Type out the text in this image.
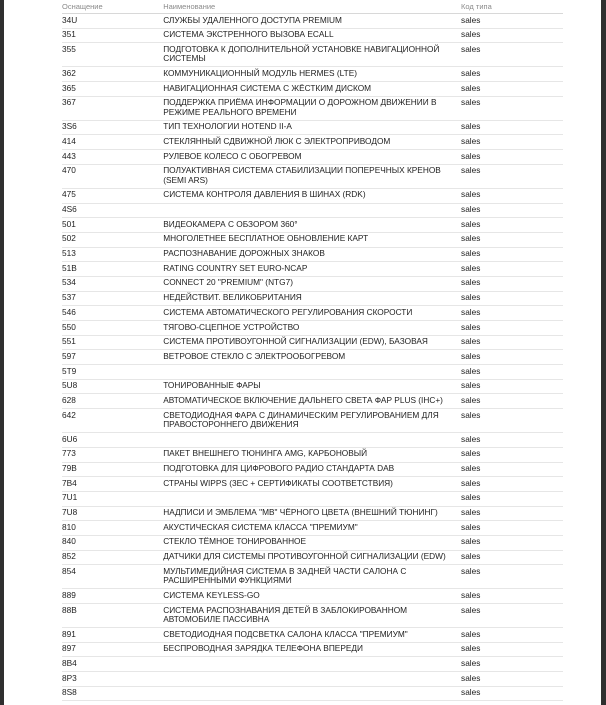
Оснащение	Наименование	Код типа
34U	СЛУЖБЫ УДАЛЕННОГО ДОСТУПА PREMIUM	sales
351	СИСТЕМА ЭКСТРЕННОГО ВЫЗОВА ECALL	sales
355	ПОДГОТОВКА К ДОПОЛНИТЕЛЬНОЙ УСТАНОВКЕ НАВИГАЦИОННОЙ СИСТЕМЫ	sales
362	КОММУНИКАЦИОННЫЙ МОДУЛЬ HERMES (LTE)	sales
365	НАВИГАЦИОННАЯ СИСТЕМА С ЖЁСТКИМ ДИСКОМ	sales
367	ПОДДЕРЖКА ПРИЁМА ИНФОРМАЦИИ О ДОРОЖНОМ ДВИЖЕНИИ В РЕЖИМЕ РЕАЛЬНОГО ВРЕМЕНИ	sales
3S6	ТИП ТЕХНОЛОГИИ HOTEND II-A	sales
414	СТЕКЛЯННЫЙ СДВИЖНОЙ ЛЮК С ЭЛЕКТРОПРИВОДОМ	sales
443	РУЛЕВОЕ КОЛЕСО С ОБОГРЕВОМ	sales
470	ПОЛУАКТИВНАЯ СИСТЕМА СТАБИЛИЗАЦИИ ПОПЕРЕЧНЫХ КРЕНОВ (SEMI ARS)	sales
475	СИСТЕМА КОНТРОЛЯ ДАВЛЕНИЯ В ШИНАХ (RDK)	sales
4S6		sales
501	ВИДЕОКАМЕРА С ОБЗОРОМ 360°	sales
502	МНОГОЛЕТНЕЕ БЕСПЛАТНОЕ ОБНОВЛЕНИЕ КАРТ	sales
513	РАСПОЗНАВАНИЕ ДОРОЖНЫХ ЗНАКОВ	sales
51B	RATING COUNTRY SET EURO-NCAP	sales
534	CONNECT 20 "PREMIUM" (NTG7)	sales
537	НЕДЕЙСТВИТ. ВЕЛИКОБРИТАНИЯ	sales
546	СИСТЕМА АВТОМАТИЧЕСКОГО РЕГУЛИРОВАНИЯ СКОРОСТИ	sales
550	ТЯГОВО-СЦЕПНОЕ УСТРОЙСТВО	sales
551	СИСТЕМА ПРОТИВОУГОННОЙ СИГНАЛИЗАЦИИ (EDW), БАЗОВАЯ	sales
597	ВЕТРОВОЕ СТЕКЛО С ЭЛЕКТРООБОГРЕВОМ	sales
5T9		sales
5U8	ТОНИРОВАННЫЕ ФАРЫ	sales
628	АВТОМАТИЧЕСКОЕ ВКЛЮЧЕНИЕ ДАЛЬНЕГО СВЕТА ФАР PLUS (IHC+)	sales
642	СВЕТОДИОДНАЯ ФАРА С ДИНАМИЧЕСКИМ РЕГУЛИРОВАНИЕМ ДЛЯ ПРАВОСТОРОННЕГО ДВИЖЕНИЯ	sales
6U6		sales
773	ПАКЕТ ВНЕШНЕГО ТЮНИНГА AMG, КАРБОНОВЫЙ	sales
79B	ПОДГОТОВКА ДЛЯ ЦИФРОВОГО РАДИО СТАНДАРТА DAB	sales
7B4	СТРАНЫ WIPPS (3ЕС + СЕРТИФИКАТЫ СООТВЕТСТВИЯ)	sales
7U1		sales
7U8	НАДПИСИ И ЭМБЛЕМА "MB" ЧЁРНОГО ЦВЕТА (ВНЕШНИЙ ТЮНИНГ)	sales
810	АКУСТИЧЕСКАЯ СИСТЕМА КЛАССА "ПРЕМИУМ"	sales
840	СТЕКЛО ТЁМНОЕ ТОНИРОВАННОЕ	sales
852	ДАТЧИКИ ДЛЯ СИСТЕМЫ ПРОТИВОУГОННОЙ СИГНАЛИЗАЦИИ (EDW)	sales
854	МУЛЬТИМЕДИЙНАЯ СИСТЕМА В ЗАДНЕЙ ЧАСТИ САЛОНА С РАСШИРЕННЫМИ ФУНКЦИЯМИ	sales
889	СИСТЕМА KEYLESS-GO	sales
88B	СИСТЕМА РАСПОЗНАВАНИЯ ДЕТЕЙ В ЗАБЛОКИРОВАННОМ АВТОМОБИЛЕ ПАССИВНА	sales
891	СВЕТОДИОДНАЯ ПОДСВЕТКА САЛОНА КЛАССА "ПРЕМИУМ"	sales
897	БЕСПРОВОДНАЯ ЗАРЯДКА ТЕЛЕФОНА ВПЕРЕДИ	sales
8B4		sales
8P3		sales
8S8		sales
